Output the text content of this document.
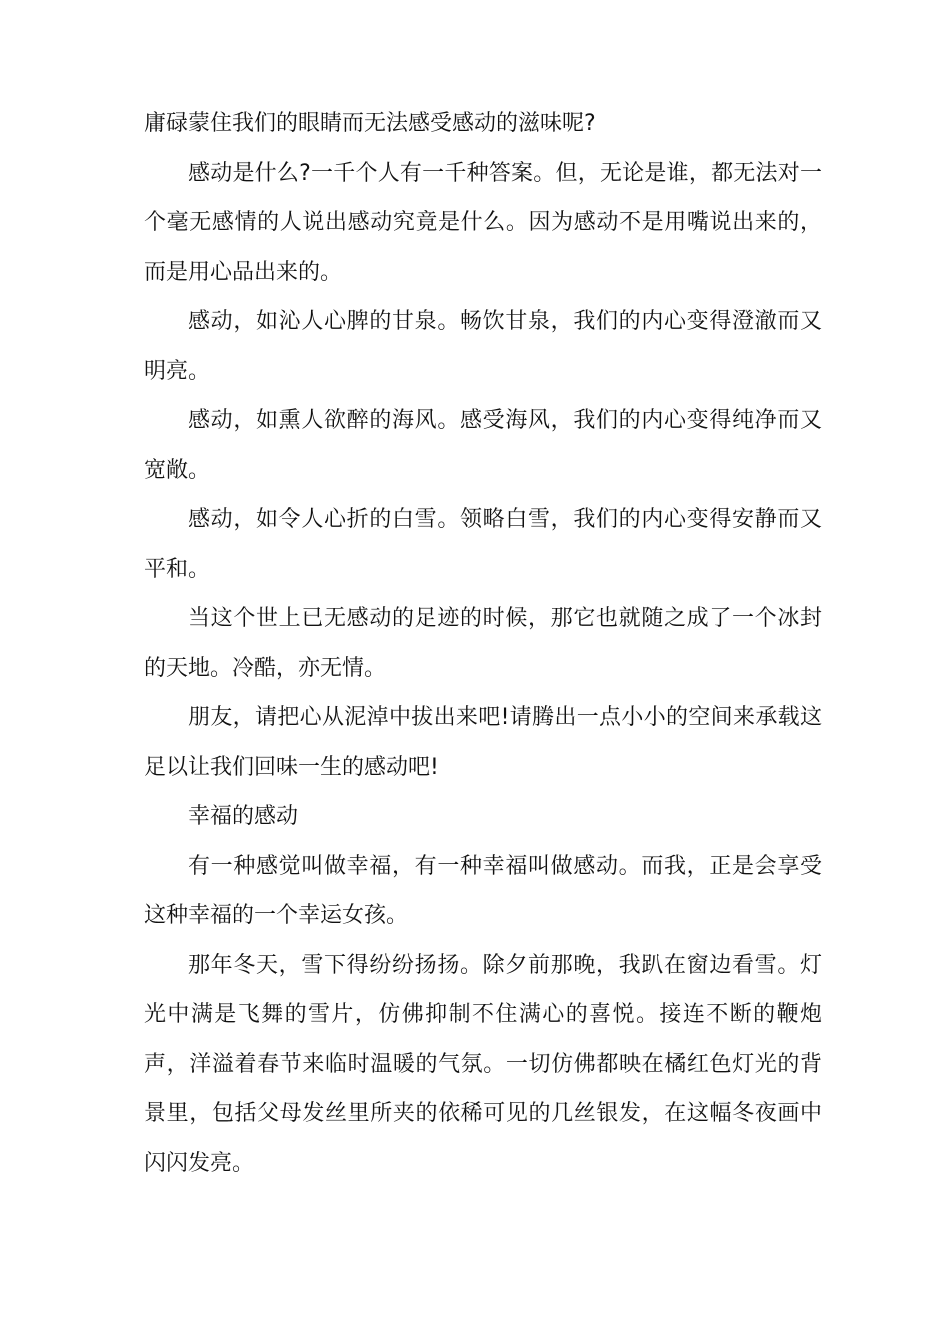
庸碌蒙住我们的眼睛而无法感受感动的滋味呢?

感动是什么?一千个人有一千种答案。但，无论是谁，都无法对一个毫无感情的人说出感动究竟是什么。因为感动不是用嘴说出来的，而是用心品出来的。

感动，如沁人心脾的甘泉。畅饮甘泉，我们的内心变得澄澈而又明亮。

感动，如熏人欲醉的海风。感受海风，我们的内心变得纯净而又宽敞。

感动，如令人心折的白雪。领略白雪，我们的内心变得安静而又平和。

当这个世上已无感动的足迹的时候，那它也就随之成了一个冰封的天地。冷酷，亦无情。

朋友，请把心从泥淖中拔出来吧!请腾出一点小小的空间来承载这足以让我们回味一生的感动吧!

幸福的感动

有一种感觉叫做幸福，有一种幸福叫做感动。而我，正是会享受这种幸福的一个幸运女孩。

那年冬天，雪下得纷纷扬扬。除夕前那晚，我趴在窗边看雪。灯光中满是飞舞的雪片，仿佛抑制不住满心的喜悦。接连不断的鞭炮声，洋溢着春节来临时温暖的气氛。一切仿佛都映在橘红色灯光的背景里，包括父母发丝里所夹的依稀可见的几丝银发，在这幅冬夜画中闪闪发亮。
